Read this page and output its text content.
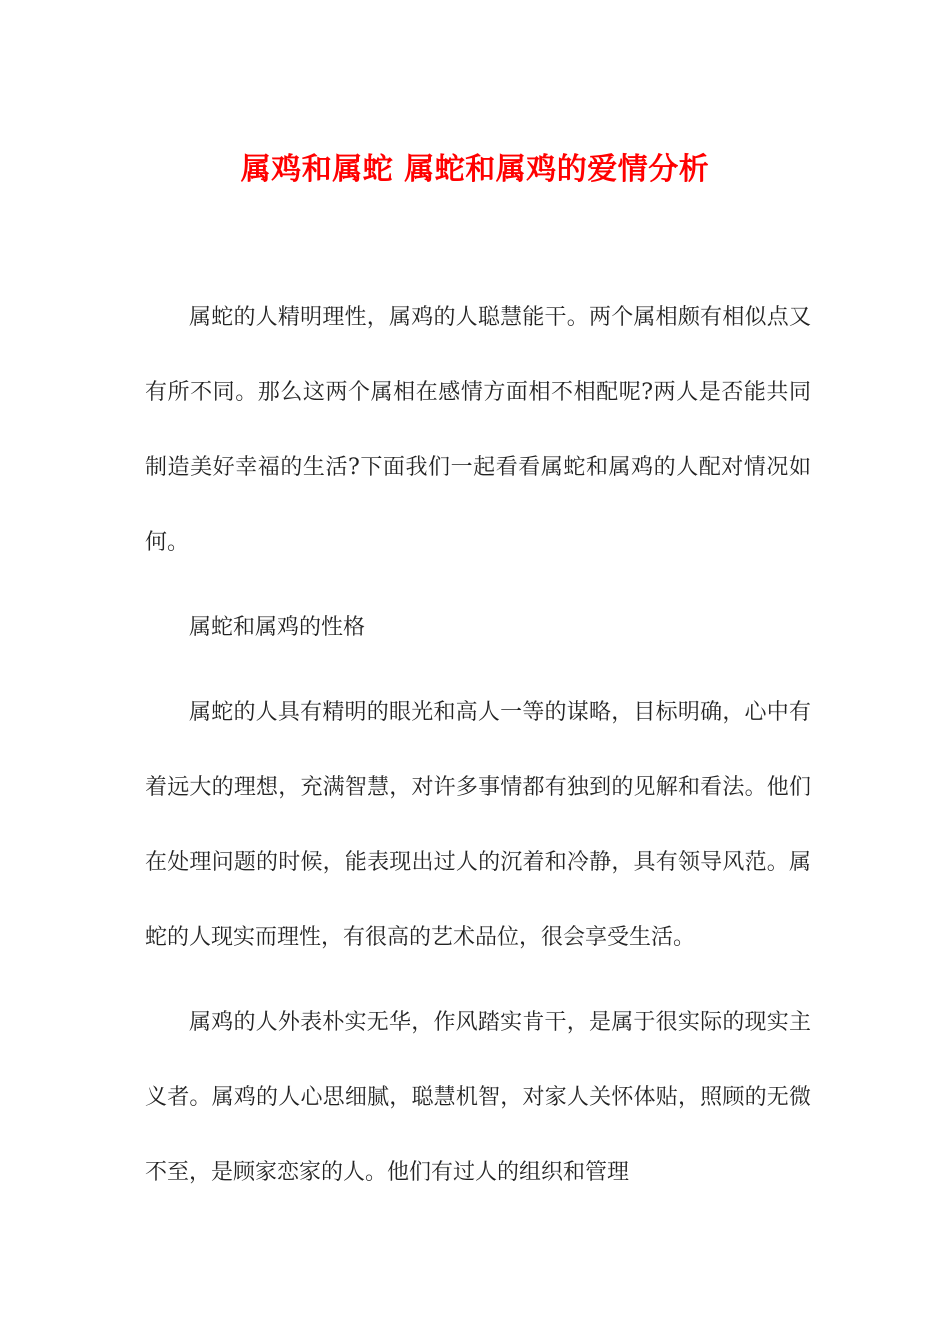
属鸡和属蛇 属蛇和属鸡的爱情分析

属蛇的人精明理性，属鸡的人聪慧能干。两个属相颇有相似点又有所不同。那么这两个属相在感情方面相不相配呢?两人是否能共同制造美好幸福的生活?下面我们一起看看属蛇和属鸡的人配对情况如何。

属蛇和属鸡的性格

属蛇的人具有精明的眼光和高人一等的谋略，目标明确，心中有着远大的理想，充满智慧，对许多事情都有独到的见解和看法。他们在处理问题的时候，能表现出过人的沉着和冷静，具有领导风范。属蛇的人现实而理性，有很高的艺术品位，很会享受生活。

属鸡的人外表朴实无华，作风踏实肯干，是属于很实际的现实主义者。属鸡的人心思细腻，聪慧机智，对家人关怀体贴，照顾的无微不至，是顾家恋家的人。他们有过人的组织和管理
